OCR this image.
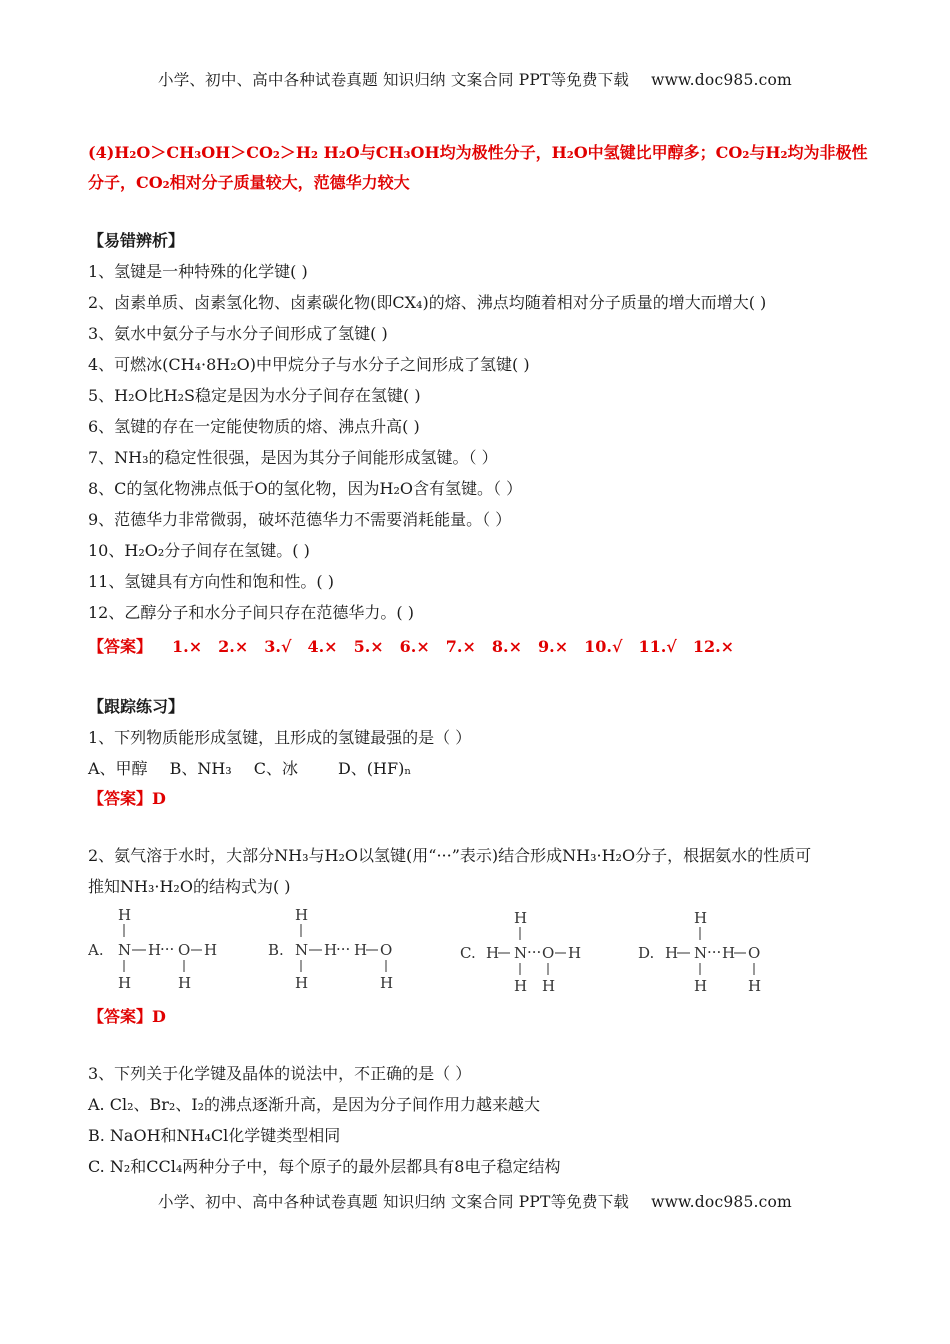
小学、初中、高中各种试卷真题 知识归纳 文案合同 PPT等免费下载 www.doc985.com
(4)H₂O＞CH₃OH＞CO₂＞H₂ H₂O与CH₃OH均为极性分子，H₂O中氢键比甲醇多；CO₂与H₂均为非极性
分子，CO₂相对分子质量较大，范德华力较大
【易错辨析】
1、氢键是一种特殊的化学键( )
2、卤素单质、卤素氢化物、卤素碳化物(即CX₄)的熔、沸点均随着相对分子质量的增大而增大( )
3、氨水中氨分子与水分子间形成了氢键( )
4、可燃冰(CH₄·8H₂O)中甲烷分子与水分子之间形成了氢键( )
5、H₂O比H₂S稳定是因为水分子间存在氢键( )
6、氢键的存在一定能使物质的熔、沸点升高( )
7、NH₃的稳定性很强，是因为其分子间能形成氢键。（ ）
8、C的氢化物沸点低于O的氢化物，因为H₂O含有氢键。（ ）
9、范德华力非常微弱，破坏范德华力不需要消耗能量。（ ）
10、H₂O₂分子间存在氢键。( )
11、氢键具有方向性和饱和性。( )
12、乙醇分子和水分子间只存在范德华力。( )
【答案】 1.× 2.× 3.√ 4.× 5.× 6.× 7.× 8.× 9.× 10.√ 11.√ 12.×
【跟踪练习】
1、下列物质能形成氢键，且形成的氢键最强的是（ ）
A、甲醇 B、NH₃ C、冰	D、(HF)ₙ
【答案】D
2、氨气溶于水时，大部分NH₃与H₂O以氢键(用“···”表示)结合形成NH₃·H₂O分子，根据氨水的性质可
推知NH₃·H₂O的结构式为( )
A.
H
N H
··· O H
H	H
B.
H
N H
··· H O
H	H
C.
H
H N ··· O H
H H
D.
H
H N ··· H O
H	H
【答案】D
3、下列关于化学键及晶体的说法中，不正确的是（ ）
A. Cl₂、Br₂、I₂的沸点逐渐升高，是因为分子间作用力越来越大
B. NaOH和NH₄Cl化学键类型相同
C. N₂和CCl₄两种分子中，每个原子的最外层都具有8电子稳定结构
小学、初中、高中各种试卷真题 知识归纳 文案合同 PPT等免费下载 www.doc985.com
